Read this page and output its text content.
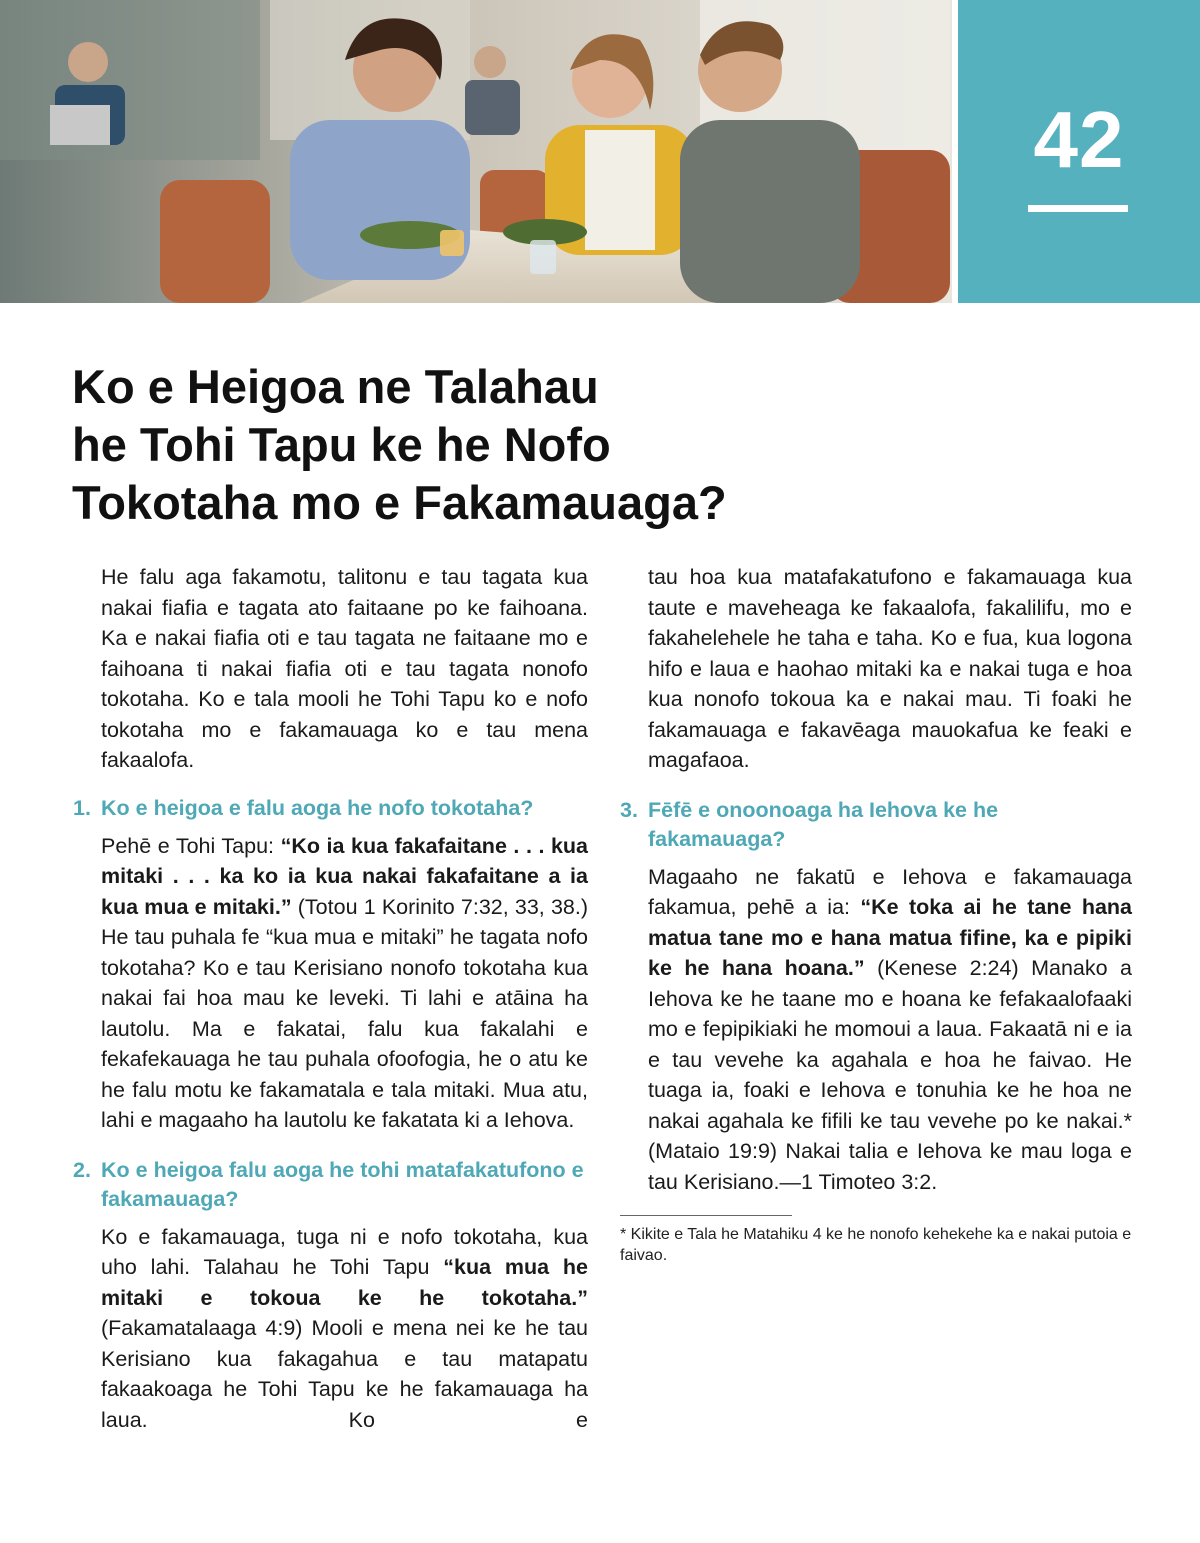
42
Ko e Heigoa ne Talahau
he Tohi Tapu ke he Nofo
Tokotaha mo e Fakamauaga?

He falu aga fakamotu, talitonu e tau tagata kua nakai fiafia e tagata ato faitaane po ke faihoana. Ka e nakai fiafia oti e tau tagata ne faitaane mo e faihoana ti nakai fiafia oti e tau tagata nonofo tokotaha. Ko e tala mooli he Tohi Tapu ko e nofo tokotaha mo e fakamauaga ko e tau mena fakaalofa.

1. Ko e heigoa e falu aoga he nofo tokotaha?

Pehē e Tohi Tapu: “Ko ia kua fakafaitane . . . kua mitaki . . . ka ko ia kua nakai fakafaitane a ia kua mua e mitaki.” (Totou 1 Korinito 7:32, 33, 38.) He tau puhala fe “kua mua e mitaki” he tagata nofo tokotaha? Ko e tau Kerisiano nonofo tokotaha kua nakai fai hoa mau ke leveki. Ti lahi e atāina ha lautolu. Ma e fakatai, falu kua fakalahi e fekafekauaga he tau puhala ofoofogia, he o atu ke he falu motu ke fakamatala e tala mitaki. Mua atu, lahi e magaaho ha lautolu ke fakatata ki a Iehova.

2. Ko e heigoa falu aoga he tohi matafakatufono e fakamauaga?

Ko e fakamauaga, tuga ni e nofo tokotaha, kua uho lahi. Talahau he Tohi Tapu “kua mua he mitaki e tokoua ke he tokotaha.” (Fakamatalaaga 4:9) Mooli e mena nei ke he tau Kerisiano kua fakagahua e tau matapatu fakaakoaga he Tohi Tapu ke he fakamauaga ha laua. Ko e

tau hoa kua matafakatufono e fakamauaga kua taute e maveheaga ke fakaalofa, fakalilifu, mo e fakahelehele he taha e taha. Ko e fua, kua logona hifo e laua e haohao mitaki ka e nakai tuga e hoa kua nonofo tokoua ka e nakai mau. Ti foaki he fakamauaga e fakavēaga mauokafua ke feaki e magafaoa.

3. Fēfē e onoonoaga ha Iehova ke he fakamauaga?

Magaaho ne fakatū e Iehova e fakamauaga fakamua, pehē a ia: “Ke toka ai he tane hana matua tane mo e hana matua fifine, ka e pipiki ke he hana hoana.” (Kenese 2:24) Manako a Iehova ke he taane mo e hoana ke fefakaalofaaki mo e fepipikiaki he momoui a laua. Fakaatā ni e ia e tau vevehe ka agahala e hoa he faivao. He tuaga ia, foaki e Iehova e tonuhia ke he hoa ne nakai agahala ke fifili ke tau vevehe po ke nakai.* (Mataio 19:9) Nakai talia e Iehova ke mau loga e tau Kerisiano.—1 Timoteo 3:2.

* Kikite e Tala he Matahiku 4 ke he nonofo kehekehe ka e nakai putoia e faivao.
